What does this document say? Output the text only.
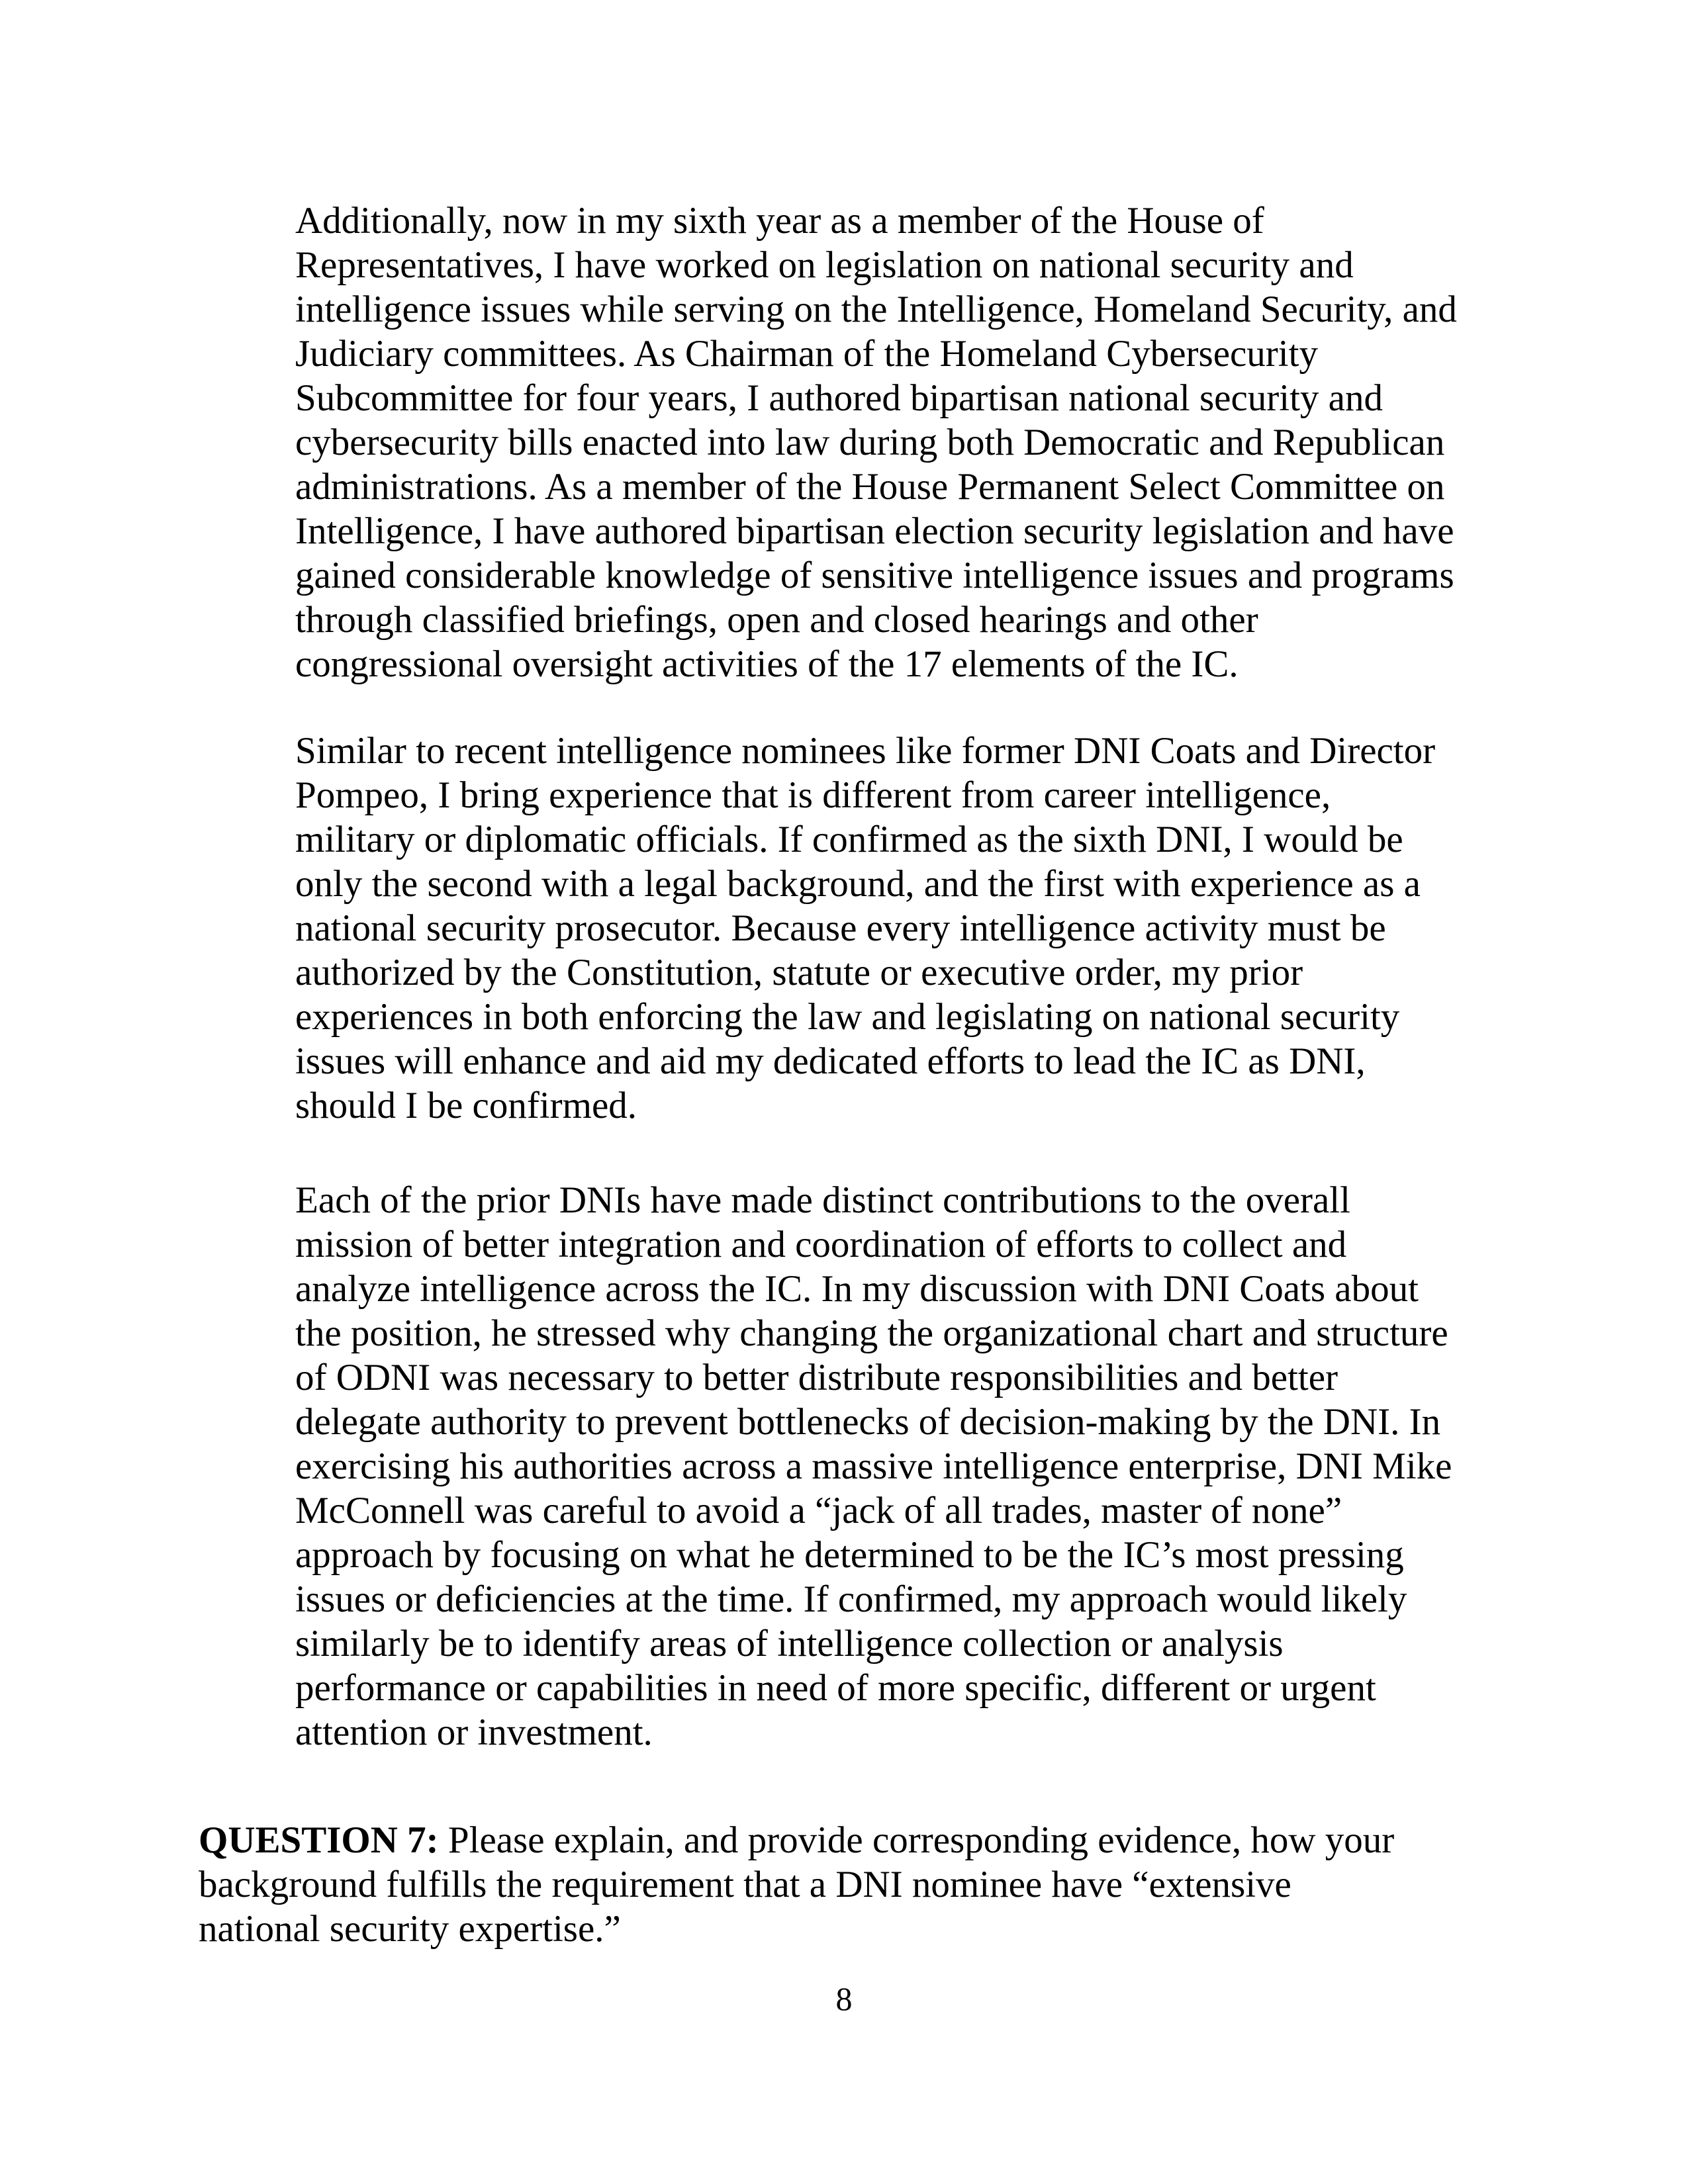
Additionally, now in my sixth year as a member of the House of
Representatives, I have worked on legislation on national security and
intelligence issues while serving on the Intelligence, Homeland Security, and
Judiciary committees. As Chairman of the Homeland Cybersecurity
Subcommittee for four years, I authored bipartisan national security and
cybersecurity bills enacted into law during both Democratic and Republican
administrations. As a member of the House Permanent Select Committee on
Intelligence, I have authored bipartisan election security legislation and have
gained considerable knowledge of sensitive intelligence issues and programs
through classified briefings, open and closed hearings and other
congressional oversight activities of the 17 elements of the IC.
Similar to recent intelligence nominees like former DNI Coats and Director
Pompeo, I bring experience that is different from career intelligence,
military or diplomatic officials. If confirmed as the sixth DNI, I would be
only the second with a legal background, and the first with experience as a
national security prosecutor. Because every intelligence activity must be
authorized by the Constitution, statute or executive order, my prior
experiences in both enforcing the law and legislating on national security
issues will enhance and aid my dedicated efforts to lead the IC as DNI,
should I be confirmed.
Each of the prior DNIs have made distinct contributions to the overall
mission of better integration and coordination of efforts to collect and
analyze intelligence across the IC. In my discussion with DNI Coats about
the position, he stressed why changing the organizational chart and structure
of ODNI was necessary to better distribute responsibilities and better
delegate authority to prevent bottlenecks of decision-making by the DNI. In
exercising his authorities across a massive intelligence enterprise, DNI Mike
McConnell was careful to avoid a “jack of all trades, master of none”
approach by focusing on what he determined to be the IC’s most pressing
issues or deficiencies at the time. If confirmed, my approach would likely
similarly be to identify areas of intelligence collection or analysis
performance or capabilities in need of more specific, different or urgent
attention or investment.
QUESTION 7: Please explain, and provide corresponding evidence, how your
background fulfills the requirement that a DNI nominee have “extensive
national security expertise.”
8
